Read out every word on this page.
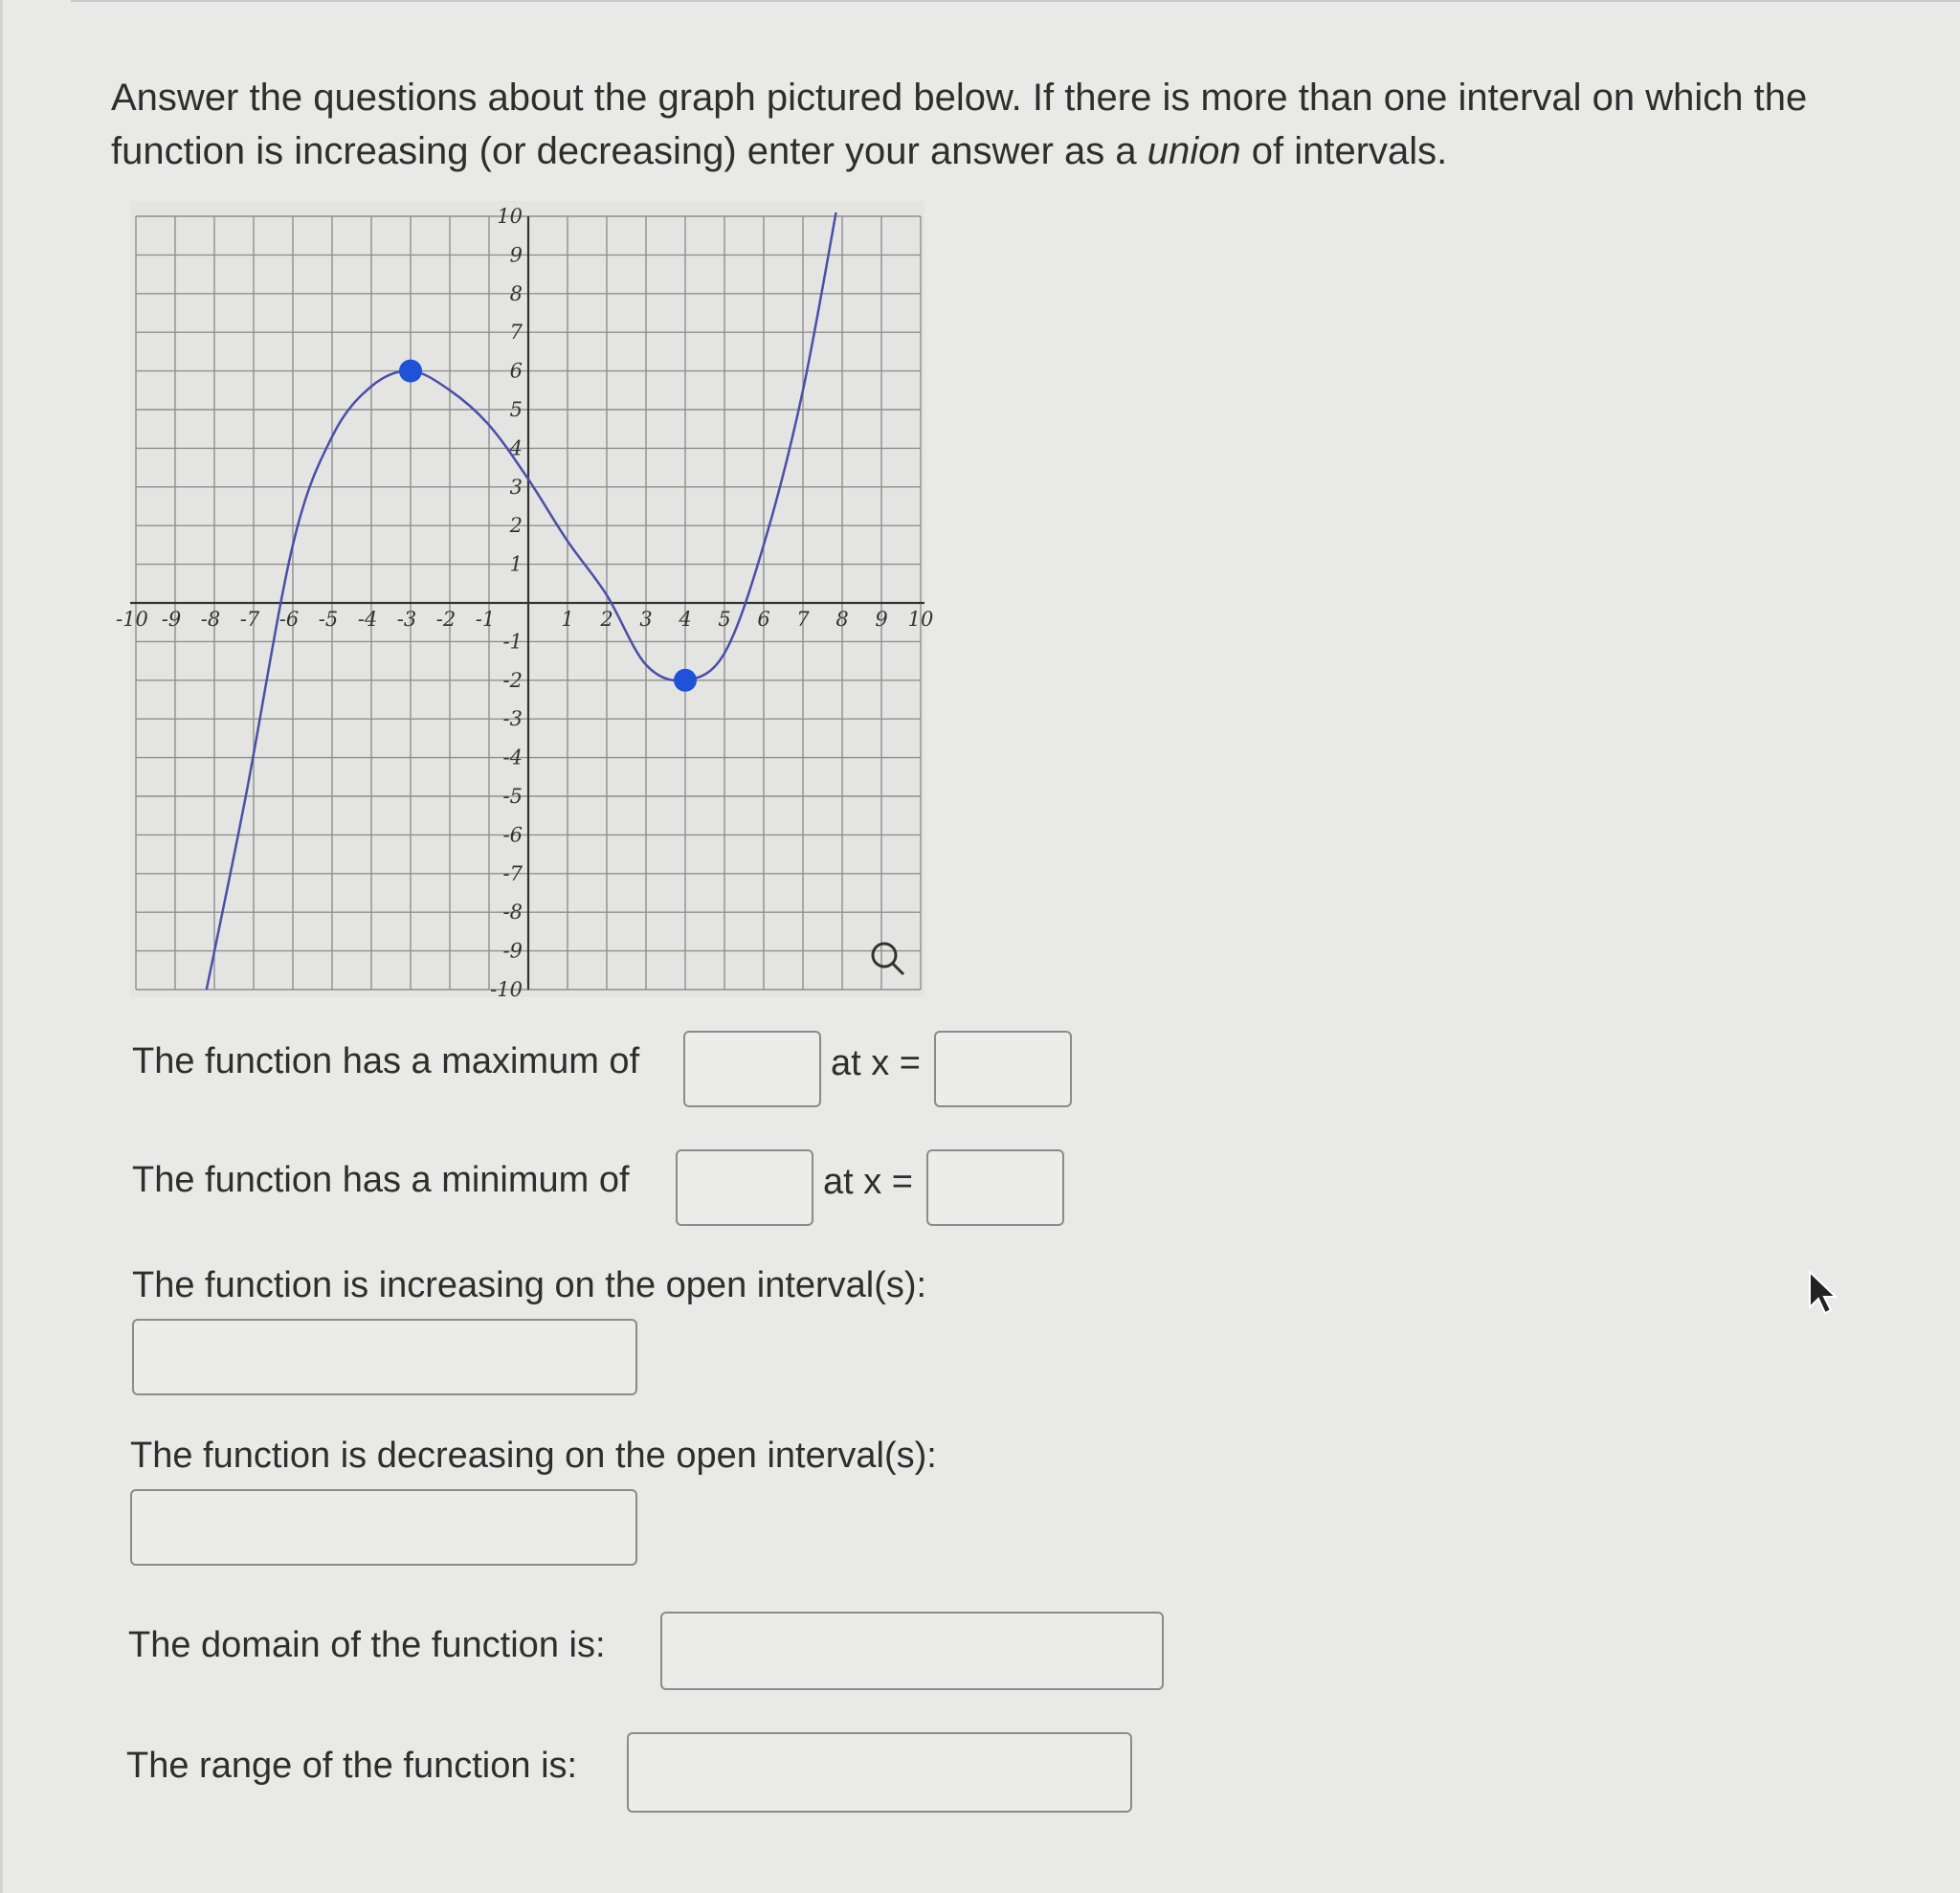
Answer the questions about the graph pictured below. If there is more than one interval on which the function is increasing (or decreasing) enter your answer as a union of intervals.
-10 -9 -8 -7 -6 -5 -4 -3 -2 -1	1 2 3 4 5 6 7 8 9 10
10
9
8
7
6
5
4
3
2
1
-1
-2
-3
-4
-5
-6
-7
-8
-9
-10
The function has a maximum of	at x =
The function has a minimum of	at x =
The function is increasing on the open interval(s):
The function is decreasing on the open interval(s):
The domain of the function is:
The range of the function is:
